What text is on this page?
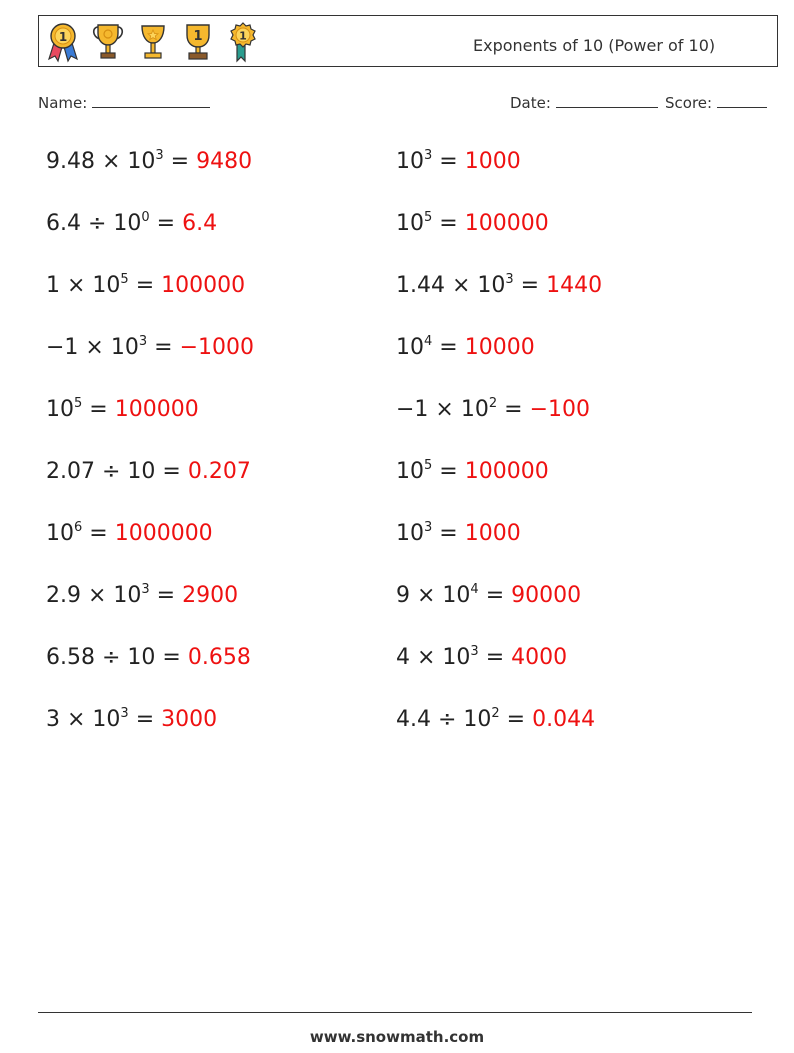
1	1	1	Exponents of 10 (Power of 10)
Name:	Date:	Score:
$9.48 \times 10^3 = 9480$	$10^3 = 1000$
$6.4 \div 10^0 = 6.4$	$10^5 = 100000$
$1 \times 10^5 = 100000$	$1.44 \times 10^3 = 1440$
$-1 \times 10^3 = -1000$	$10^4 = 10000$
$10^5 = 100000$	$-1 \times 10^2 = -100$
2.07 ÷ 10 = 0.207	$10^5 = 100000$
$10^6 = 1000000$	$10^3 = 1000$
$2.9 \times 10^3 = 2900$	$9 \times 10^4 = 90000$
6.58 ÷ 10 = 0.658	$4 \times 10^3 = 4000$
$3 \times 10^3 = 3000$	$4.4 \div 10^2 = 0.044$
www.snowmath.com
